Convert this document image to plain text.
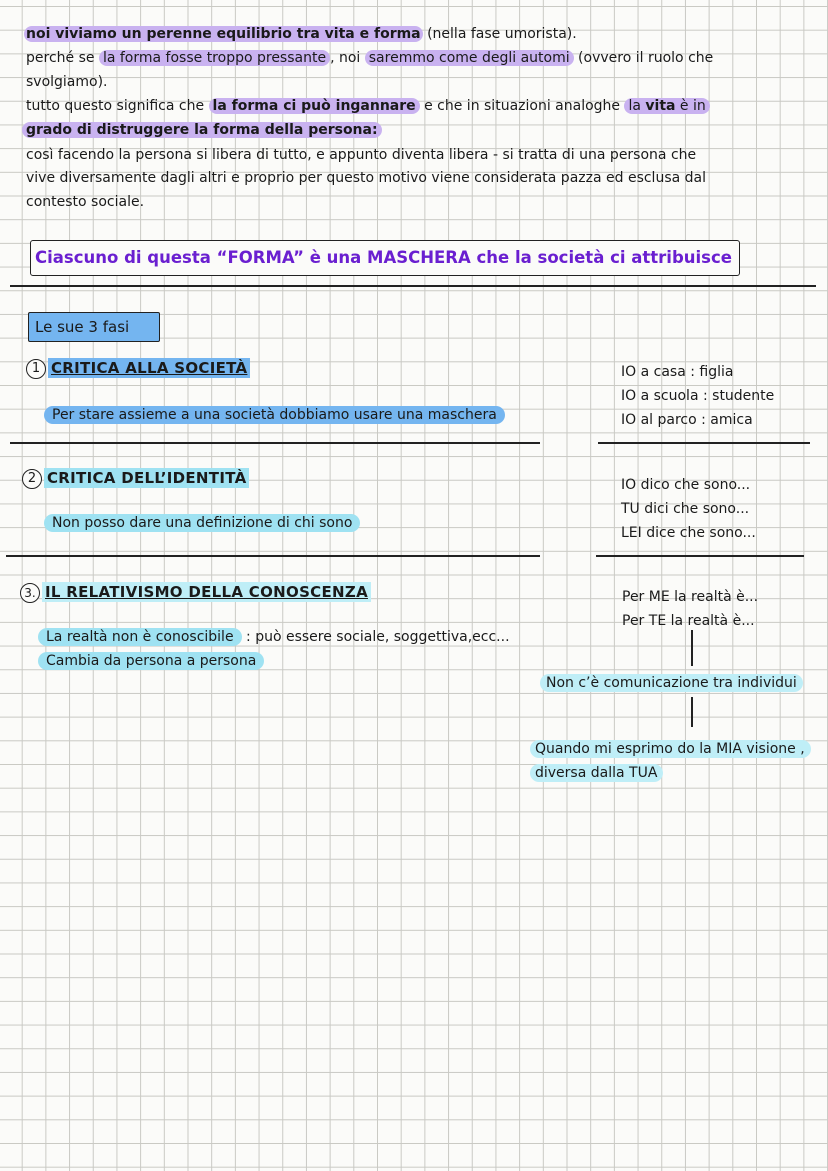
noi viviamo un perenne equilibrio tra vita e forma (nella fase umorista).
perché se la forma fosse troppo pressante , noi saremmo come degli automi (ovvero il ruolo che
svolgiamo).
tutto questo significa che la forma ci può ingannare e che in situazioni analoghe la vita è in
grado di distruggere la forma della persona:
così facendo la persona si libera di tutto, e appunto diventa libera - si tratta di una persona che
vive diversamente dagli altri e proprio per questo motivo viene considerata pazza ed esclusa dal
contesto sociale.
Ciascuno di questa “FORMA” è una MASCHERA che la società ci attribuisce
Le sue 3 fasi
1 CRITICA ALLA SOCIETÀ
Per stare assieme a una società dobbiamo usare una maschera
IO a casa : figlia
IO a scuola : studente
IO al parco : amica
2 CRITICA DELL’IDENTITÀ
Non posso dare una definizione di chi sono
IO dico che sono...
TU dici che sono...
LEI dice che sono...
3. IL RELATIVISMO DELLA CONOSCENZA
La realtà non è conoscibile : può essere sociale, soggettiva,ecc...
Cambia da persona a persona
Per ME la realtà è...
Per TE la realtà è...
Non c’è comunicazione tra individui
Quando mi esprimo do la MIA visione ,
diversa dalla TUA
